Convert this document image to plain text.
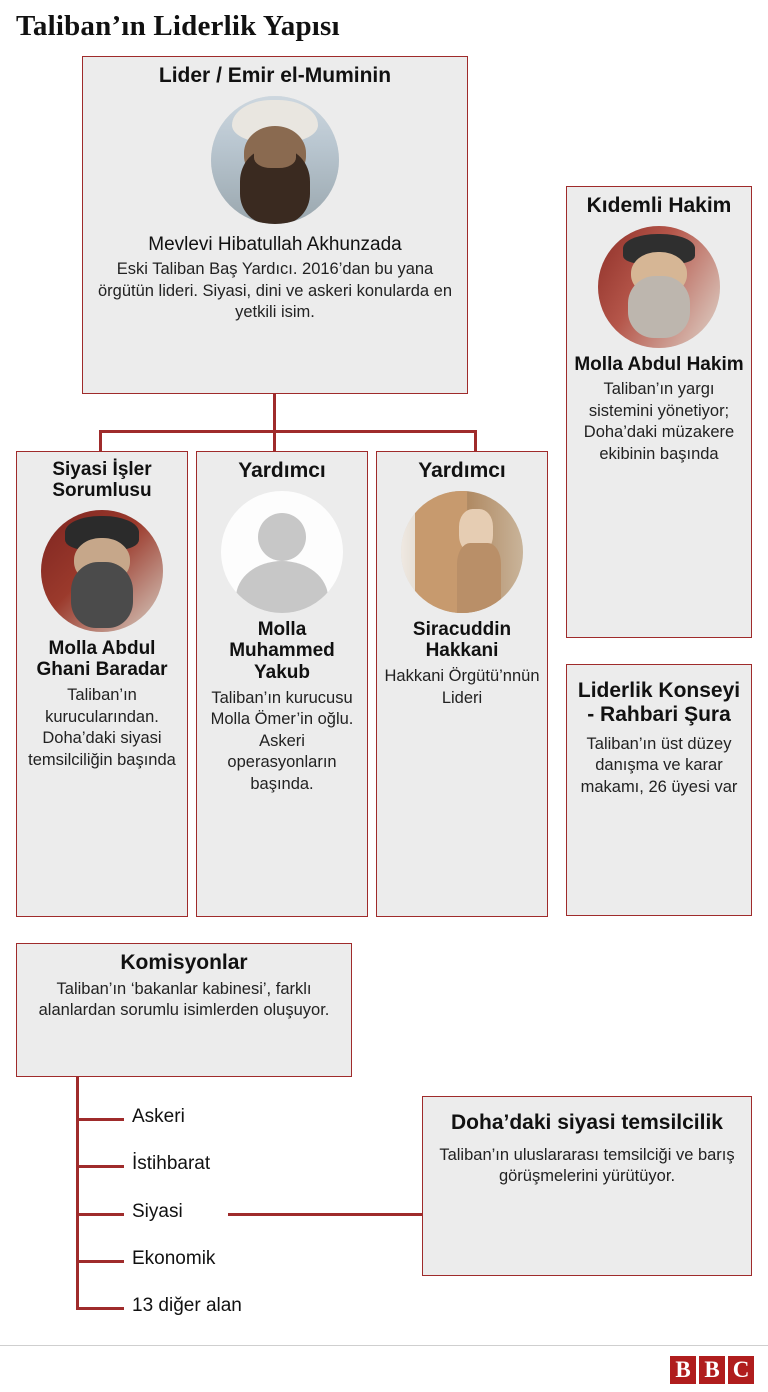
Taliban’ın Liderlik Yapısı
Lider / Emir el-Muminin
Mevlevi Hibatullah Akhunzada
Eski Taliban Baş Yardıcı. 2016’dan bu yana örgütün lideri. Siyasi, dini ve askeri konularda en yetkili isim.
Siyasi İşler Sorumlusu
Molla Abdul Ghani Baradar
Taliban’ın kurucularından. Doha’daki siyasi temsilciliğin başında
Yardımcı
Molla Muhammed Yakub
Taliban’ın kurucusu Molla Ömer’in oğlu. Askeri operasyonların başında.
Yardımcı
Siracuddin Hakkani
Hakkani Örgütü’nnün Lideri
Kıdemli Hakim
Molla Abdul Hakim
Taliban’ın yargı sistemini yönetiyor; Doha’daki müzakere ekibinin başında
Liderlik Konseyi - Rahbari Şura
Taliban’ın üst düzey danışma ve karar makamı, 26 üyesi var
Komisyonlar
Taliban’ın ‘bakanlar kabinesi’, farklı alanlardan sorumlu isimlerden oluşuyor.
Askeri
İstihbarat
Siyasi
Ekonomik
13 diğer alan
Doha’daki siyasi temsilcilik
Taliban’ın uluslararası temsilciği ve barış görüşmelerini yürütüyor.
B B C
